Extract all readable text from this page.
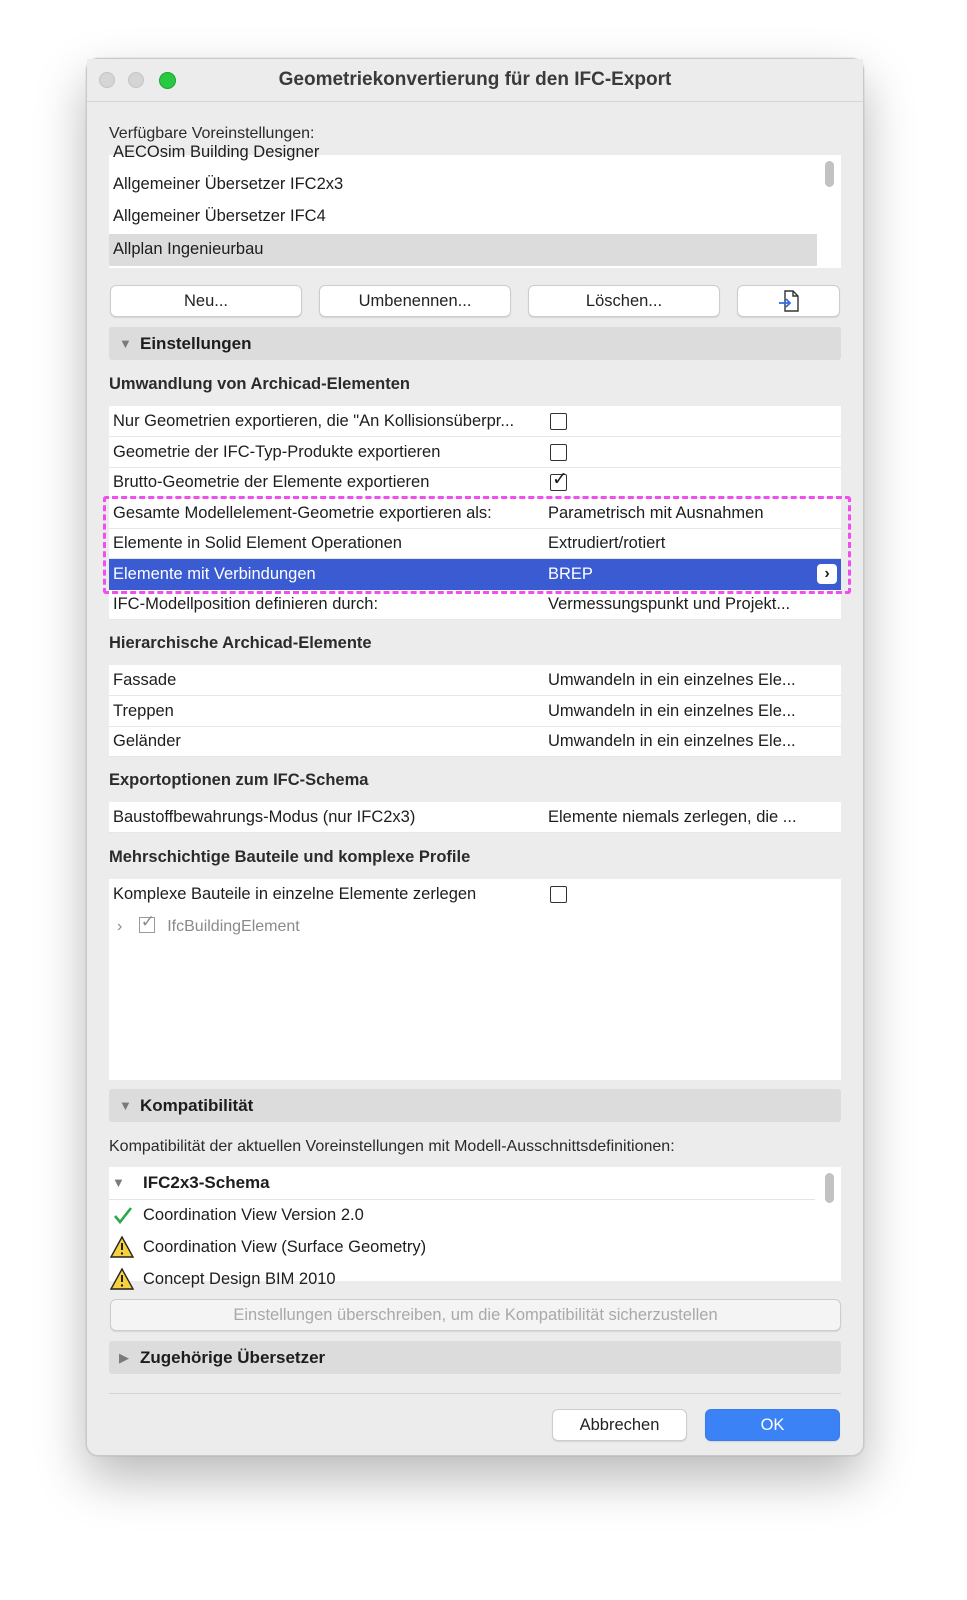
Geometriekonvertierung für den IFC-Export
Verfügbare Voreinstellungen:
AECOsim Building Designer
Allgemeiner Übersetzer IFC2x3
Allgemeiner Übersetzer IFC4
Allplan Ingenieurbau
Neu...	Umbenennen...	Löschen...
▼ Einstellungen
Umwandlung von Archicad-Elementen
Nur Geometrien exportieren, die "An Kollisionsüberpr...
Geometrie der IFC-Typ-Produkte exportieren
Brutto-Geometrie der Elemente exportieren	✓
Gesamte Modellelement-Geometrie exportieren als:	Parametrisch mit Ausnahmen
Elemente in Solid Element Operationen	Extrudiert/rotiert
Elemente mit Verbindungen	BREP	›
IFC-Modellposition definieren durch:	Vermessungspunkt und Projekt...
Hierarchische Archicad-Elemente
Fassade	Umwandeln in ein einzelnes Ele...
Treppen	Umwandeln in ein einzelnes Ele...
Geländer	Umwandeln in ein einzelnes Ele...
Exportoptionen zum IFC-Schema
Baustoffbewahrungs-Modus (nur IFC2x3)	Elemente niemals zerlegen, die ...
Mehrschichtige Bauteile und komplexe Profile
Komplexe Bauteile in einzelne Elemente zerlegen
› ✓ IfcBuildingElement
▼ Kompatibilität
Kompatibilität der aktuellen Voreinstellungen mit Modell-Ausschnittsdefinitionen:
▼ IFC2x3-Schema
Coordination View Version 2.0
Coordination View (Surface Geometry)
Concept Design BIM 2010
Einstellungen überschreiben, um die Kompatibilität sicherzustellen
▶ Zugehörige Übersetzer
Abbrechen	OK
